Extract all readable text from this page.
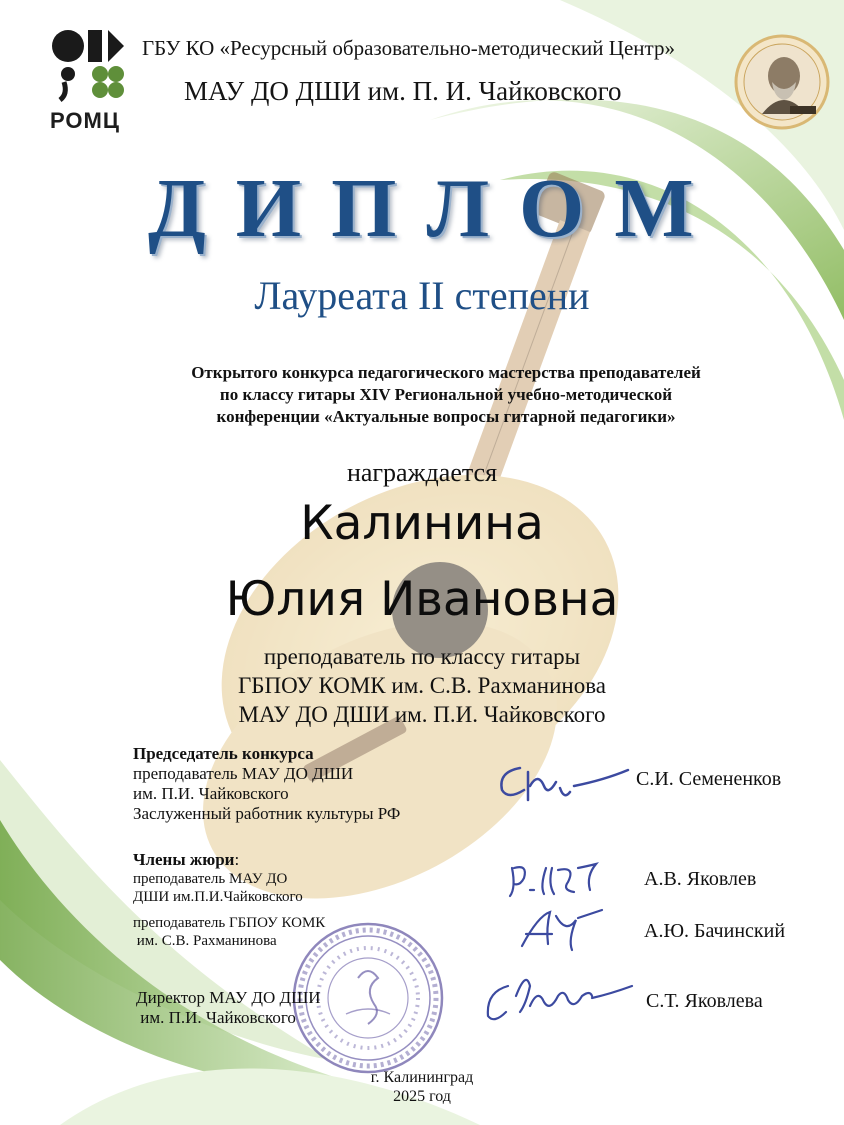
РОМЦ
ГБУ КО «Ресурсный образовательно-методический Центр»
МАУ ДО ДШИ им. П. И. Чайковского
ДИПЛОМ
Лауреата II степени
Открытого конкурса педагогического мастерства преподавателей
по классу гитары XIV Региональной учебно-методической
конференции «Актуальные вопросы гитарной педагогики»
награждается
Калинина
Юлия Ивановна
преподаватель по классу гитары
ГБПОУ КОМК им. С.В. Рахманинова
МАУ ДО ДШИ им. П.И. Чайковского
Председатель конкурса
преподаватель МАУ ДО ДШИ
им. П.И. Чайковского
Заслуженный работник культуры РФ
С.И. Семененков
Члены жюри:
преподаватель МАУ ДО
ДШИ им.П.И.Чайковского
А.В. Яковлев
преподаватель ГБПОУ КОМК
им. С.В. Рахманинова	А.Ю. Бачинский
Директор МАУ ДО ДШИ
им. П.И. Чайковского
С.Т. Яковлева
г. Калининград
2025 год
